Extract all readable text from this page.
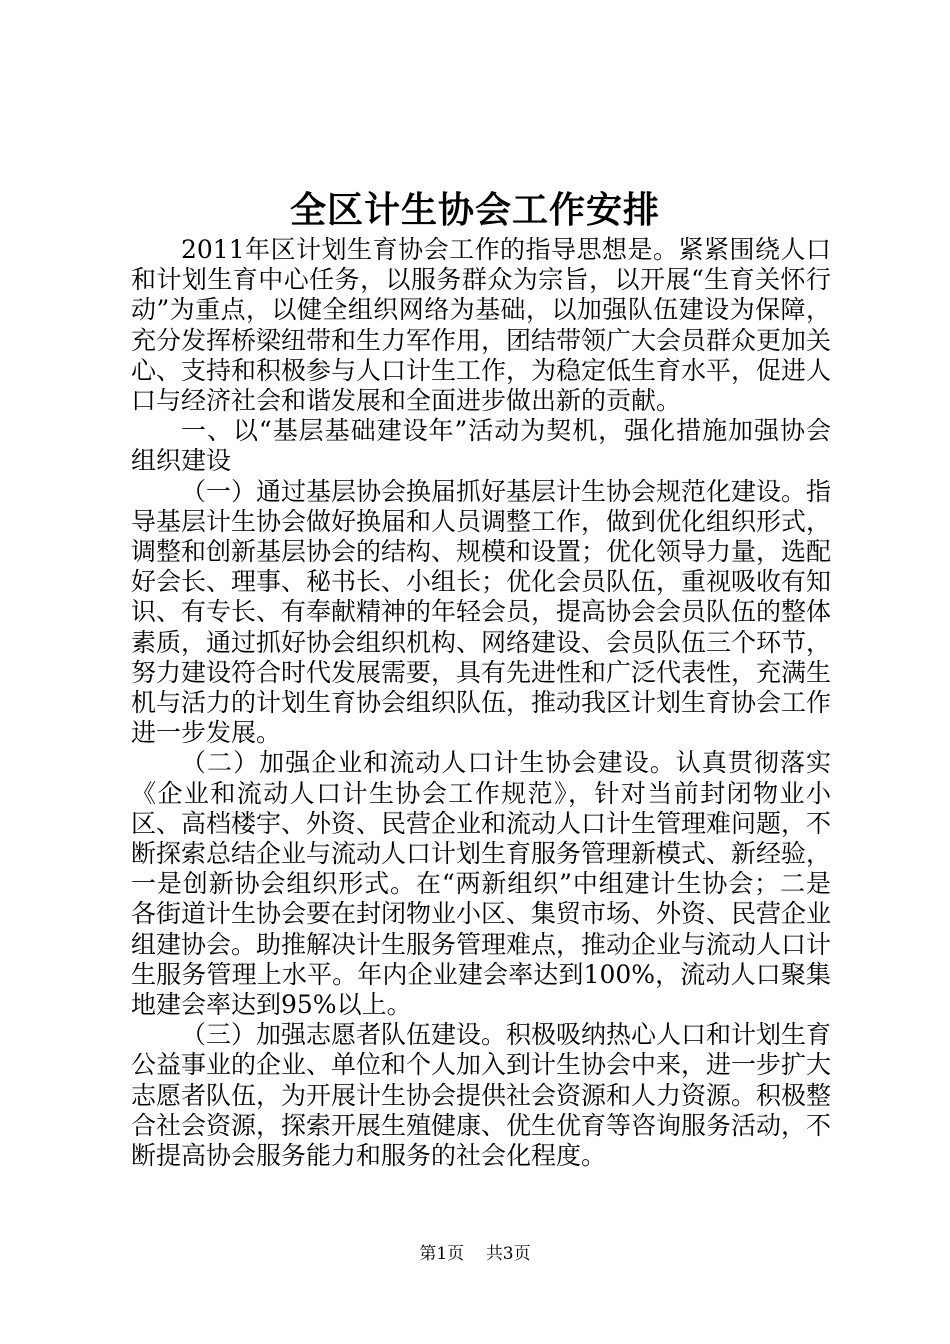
全区计生协会工作安排

2011年区计划生育协会工作的指导思想是。紧紧围绕人口和计划生育中心任务，以服务群众为宗旨，以开展“生育关怀行动”为重点，以健全组织网络为基础，以加强队伍建设为保障，充分发挥桥梁纽带和生力军作用，团结带领广大会员群众更加关心、支持和积极参与人口计生工作，为稳定低生育水平，促进人口与经济社会和谐发展和全面进步做出新的贡献。

一、以“基层基础建设年”活动为契机，强化措施加强协会组织建设

（一）通过基层协会换届抓好基层计生协会规范化建设。指导基层计生协会做好换届和人员调整工作，做到优化组织形式，调整和创新基层协会的结构、规模和设置；优化领导力量，选配好会长、理事、秘书长、小组长；优化会员队伍，重视吸收有知识、有专长、有奉献精神的年轻会员，提高协会会员队伍的整体素质，通过抓好协会组织机构、网络建设、会员队伍三个环节，努力建设符合时代发展需要，具有先进性和广泛代表性，充满生机与活力的计划生育协会组织队伍，推动我区计划生育协会工作进一步发展。

（二）加强企业和流动人口计生协会建设。认真贯彻落实《企业和流动人口计生协会工作规范》，针对当前封闭物业小区、高档楼宇、外资、民营企业和流动人口计生管理难问题，不断探索总结企业与流动人口计划生育服务管理新模式、新经验，一是创新协会组织形式。在“两新组织”中组建计生协会；二是各街道计生协会要在封闭物业小区、集贸市场、外资、民营企业组建协会。助推解决计生服务管理难点，推动企业与流动人口计生服务管理上水平。年内企业建会率达到100%，流动人口聚集地建会率达到95%以上。

（三）加强志愿者队伍建设。积极吸纳热心人口和计划生育公益事业的企业、单位和个人加入到计生协会中来，进一步扩大志愿者队伍，为开展计生协会提供社会资源和人力资源。积极整合社会资源，探索开展生殖健康、优生优育等咨询服务活动，不断提高协会服务能力和服务的社会化程度。

第1页 共3页
